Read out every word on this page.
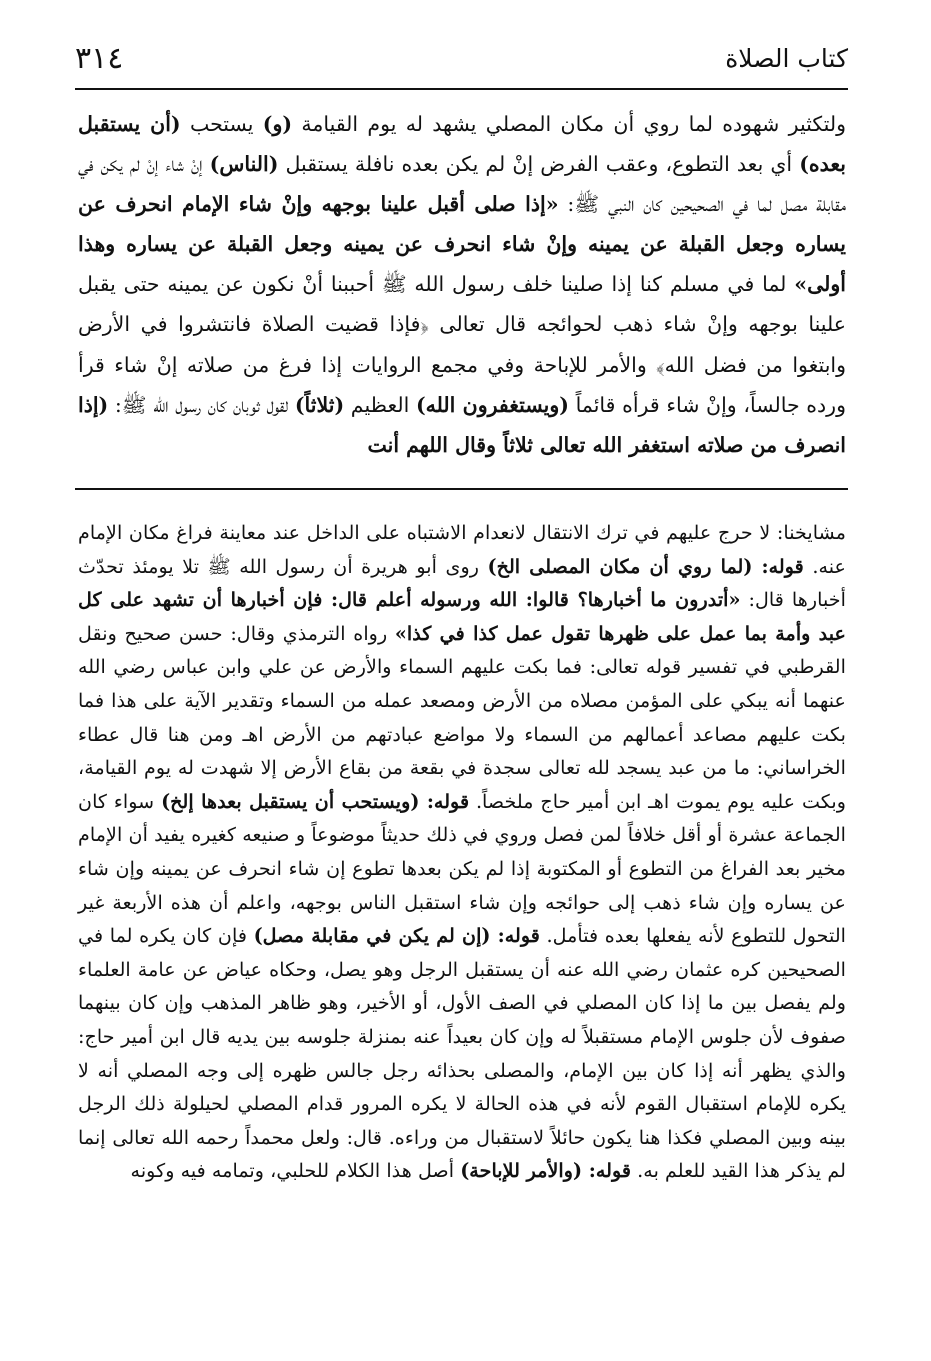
٣١٤	كتاب الصلاة

ولتكثير شهوده لما روي أن مكان المصلي يشهد له يوم القيامة (و) يستحب (أن يستقبل بعده) أي بعد التطوع، وعقب الفرض إنْ لم يكن بعده نافلة يستقبل (الناس) إنْ شاء إنْ لم يكن في مقابلة مصل لما في الصحيحين كان النبي ﷺ: «إذا صلى أقبل علينا بوجهه وإنْ شاء الإمام انحرف عن يساره وجعل القبلة عن يمينه وإنْ شاء انحرف عن يمينه وجعل القبلة عن يساره وهذا أولى» لما في مسلم كنا إذا صلينا خلف رسول الله ﷺ أحببنا أنْ نكون عن يمينه حتى يقبل علينا بوجهه وإنْ شاء ذهب لحوائجه قال تعالى ﴿فإذا قضيت الصلاة فانتشروا في الأرض وابتغوا من فضل الله﴾ والأمر للإباحة وفي مجمع الروايات إذا فرغ من صلاته إنْ شاء قرأ ورده جالساً، وإنْ شاء قرأه قائماً (ويستغفرون الله) العظيم (ثلاثاً) لقول ثوبان كان رسول الله ﷺ: (إذا انصرف من صلاته استغفر الله تعالى ثلاثاً وقال اللهم أنت

مشايخنا: لا حرج عليهم في ترك الانتقال لانعدام الاشتباه على الداخل عند معاينة فراغ مكان الإمام عنه. قوله: (لما روي أن مكان المصلى الخ) روى أبو هريرة أن رسول الله ﷺ تلا يومئذ تحدّث أخبارها قال: «أتدرون ما أخبارها؟ قالوا: الله ورسوله أعلم قال: فإن أخبارها أن تشهد على كل عبد وأمة بما عمل على ظهرها تقول عمل كذا في كذا» رواه الترمذي وقال: حسن صحيح ونقل القرطبي في تفسير قوله تعالى: فما بكت عليهم السماء والأرض عن علي وابن عباس رضي الله عنهما أنه يبكي على المؤمن مصلاه من الأرض ومصعد عمله من السماء وتقدير الآية على هذا فما بكت عليهم مصاعد أعمالهم من السماء ولا مواضع عبادتهم من الأرض اهـ ومن هنا قال عطاء الخراساني: ما من عبد يسجد لله تعالى سجدة في بقعة من بقاع الأرض إلا شهدت له يوم القيامة، وبكت عليه يوم يموت اهـ ابن أمير حاج ملخصاً. قوله: (ويستحب أن يستقبل بعدها إلخ) سواء كان الجماعة عشرة أو أقل خلافاً لمن فصل وروي في ذلك حديثاً موضوعاً و صنيعه كغيره يفيد أن الإمام مخير بعد الفراغ من التطوع أو المكتوبة إذا لم يكن بعدها تطوع إن شاء انحرف عن يمينه وإن شاء عن يساره وإن شاء ذهب إلى حوائجه وإن شاء استقبل الناس بوجهه، واعلم أن هذه الأربعة غير التحول للتطوع لأنه يفعلها بعده فتأمل. قوله: (إن لم يكن في مقابلة مصل) فإن كان يكره لما في الصحيحين كره عثمان رضي الله عنه أن يستقبل الرجل وهو يصل، وحكاه عياض عن عامة العلماء ولم يفصل بين ما إذا كان المصلي في الصف الأول، أو الأخير، وهو ظاهر المذهب وإن كان بينهما صفوف لأن جلوس الإمام مستقبلاً له وإن كان بعيداً عنه بمنزلة جلوسه بين يديه قال ابن أمير حاج: والذي يظهر أنه إذا كان بين الإمام، والمصلى بحذائه رجل جالس ظهره إلى وجه المصلي أنه لا يكره للإمام استقبال القوم لأنه في هذه الحالة لا يكره المرور قدام المصلي لحيلولة ذلك الرجل بينه وبين المصلي فكذا هنا يكون حائلاً لاستقبال من وراءه. قال: ولعل محمداً رحمه الله تعالى إنما لم يذكر هذا القيد للعلم به. قوله: (والأمر للإباحة) أصل هذا الكلام للحلبي، وتمامه فيه وكونه
